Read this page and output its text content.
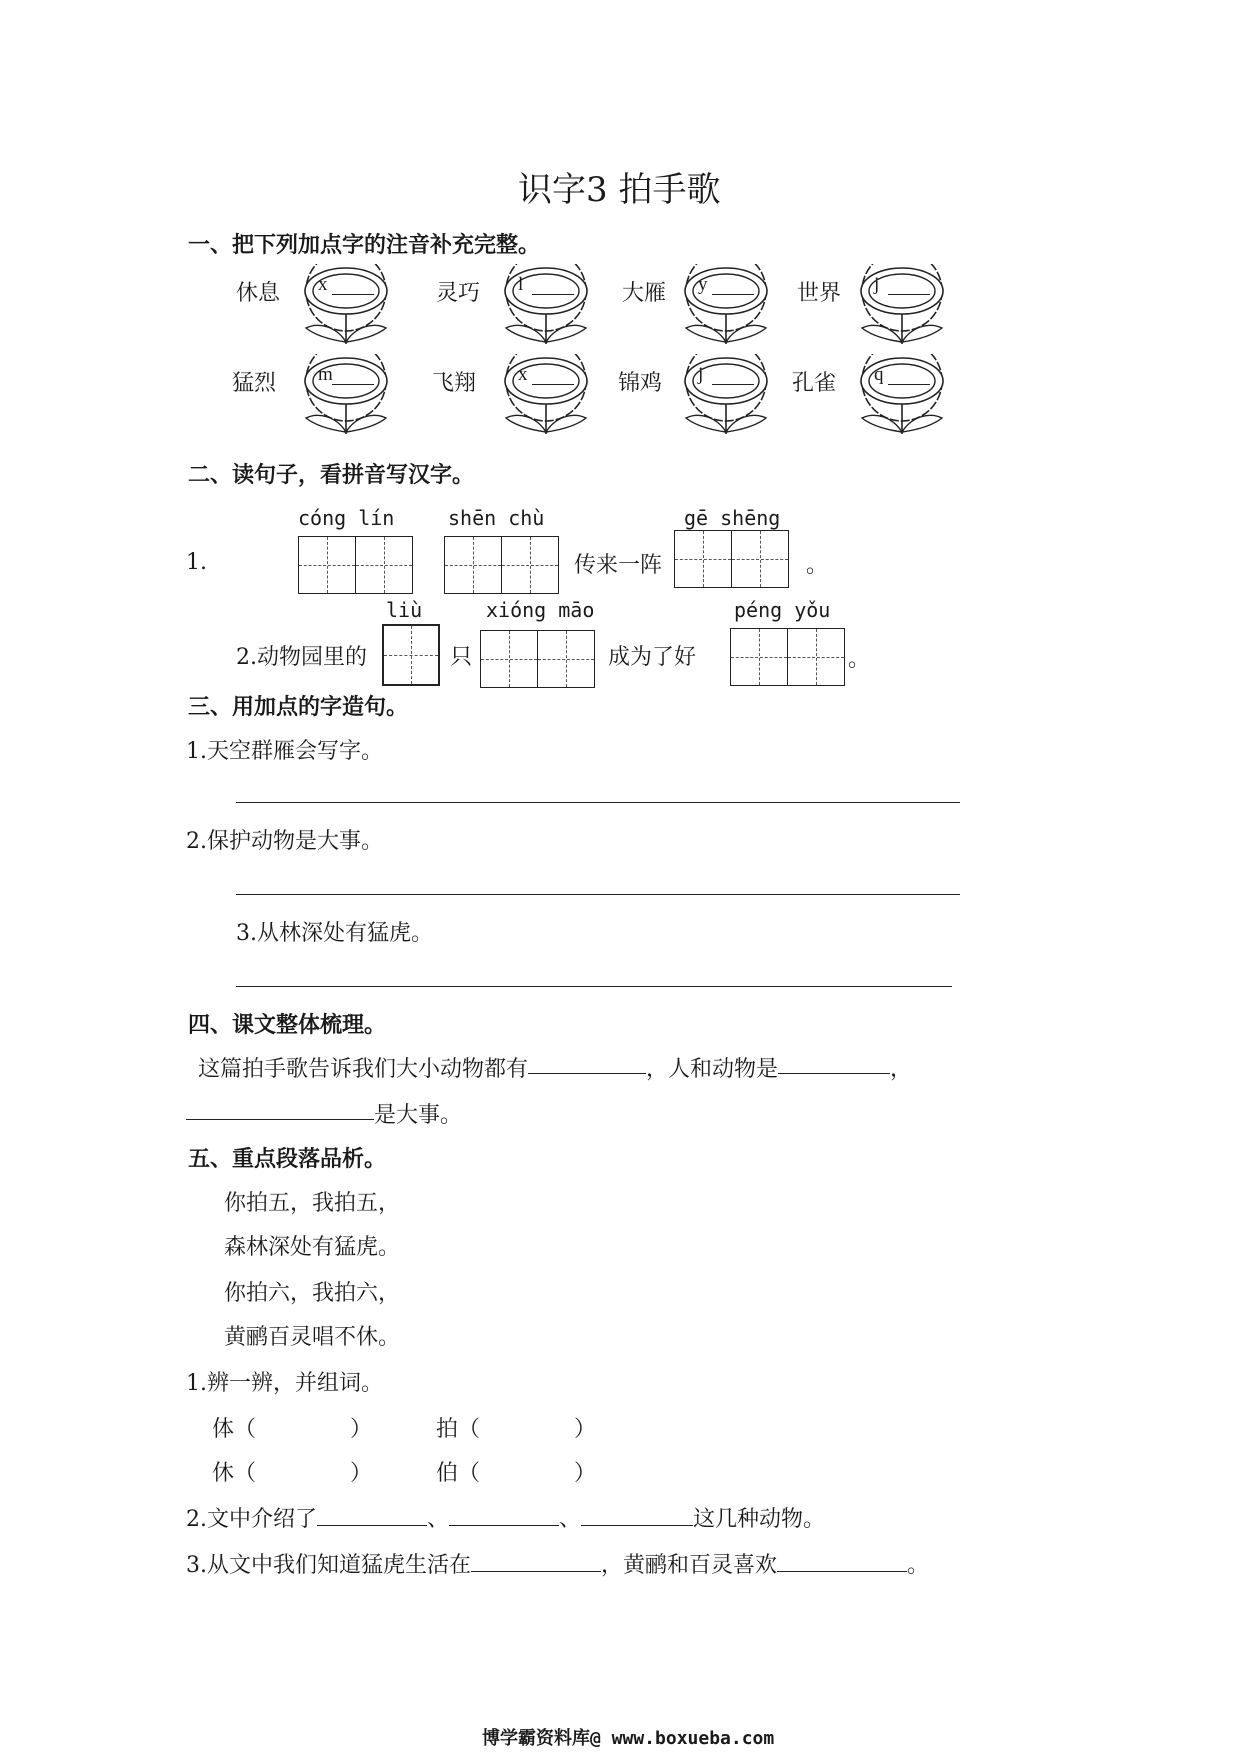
识字3 拍手歌
一、把下列加点字的注音补充完整。
休息 x	灵巧 l	大雁 y	世界 j
猛烈 m	飞翔 x	锦鸡 j	孔雀 q
二、读句子，看拼音写汉字。
cóng lín	shēn chù	gē shēng
1.	传来一阵	。
liù	xióng māo	péng yǒu
2.动物园里的	只	成为了好	。
三、用加点的字造句。
1.天空群雁会写字。
2.保护动物是大事。
3.从林深处有猛虎。
四、课文整体梳理。
这篇拍手歌告诉我们大小动物都有	，人和动物是	，
是大事。
五、重点段落品析。
你拍五，我拍五，
森林深处有猛虎。
你拍六，我拍六，
黄鹂百灵唱不休。
1.辨一辨，并组词。
体（	）	拍（	）
休（	）	伯（	）
2.文中介绍了	、	、	这几种动物。
3.从文中我们知道猛虎生活在	，黄鹂和百灵喜欢	。
博学霸资料库@ www.boxueba.com
